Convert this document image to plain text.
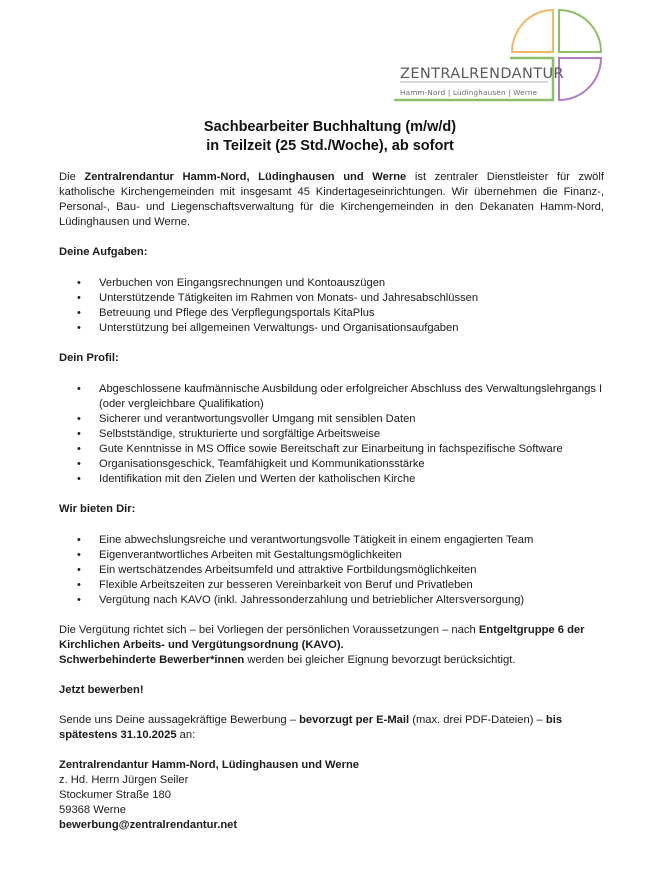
ZENTRALRENDANTUR
Hamm-Nord | Lüdinghausen | Werne
Sachbearbeiter Buchhaltung (m/w/d)
in Teilzeit (25 Std./Woche), ab sofort

Die Zentralrendantur Hamm-Nord, Lüdinghausen und Werne ist zentraler Dienstleister für zwölf katholische Kirchengemeinden mit insgesamt 45 Kindertageseinrichtungen. Wir übernehmen die Finanz-, Personal-, Bau- und Liegenschaftsverwaltung für die Kirchengemeinden in den Dekanaten Hamm-Nord, Lüdinghausen und Werne.

Deine Aufgaben:

• Verbuchen von Eingangsrechnungen und Kontoauszügen
• Unterstützende Tätigkeiten im Rahmen von Monats- und Jahresabschlüssen
• Betreuung und Pflege des Verpflegungsportals KitaPlus
• Unterstützung bei allgemeinen Verwaltungs- und Organisationsaufgaben

Dein Profil:

• Abgeschlossene kaufmännische Ausbildung oder erfolgreicher Abschluss des Verwaltungslehrgangs I (oder vergleichbare Qualifikation)
• Sicherer und verantwortungsvoller Umgang mit sensiblen Daten
• Selbstständige, strukturierte und sorgfältige Arbeitsweise
• Gute Kenntnisse in MS Office sowie Bereitschaft zur Einarbeitung in fachspezifische Software
• Organisationsgeschick, Teamfähigkeit und Kommunikationsstärke
• Identifikation mit den Zielen und Werten der katholischen Kirche

Wir bieten Dir:

• Eine abwechslungsreiche und verantwortungsvolle Tätigkeit in einem engagierten Team
• Eigenverantwortliches Arbeiten mit Gestaltungsmöglichkeiten
• Ein wertschätzendes Arbeitsumfeld und attraktive Fortbildungsmöglichkeiten
• Flexible Arbeitszeiten zur besseren Vereinbarkeit von Beruf und Privatleben
• Vergütung nach KAVO (inkl. Jahressonderzahlung und betrieblicher Altersversorgung)

Die Vergütung richtet sich – bei Vorliegen der persönlichen Voraussetzungen – nach Entgeltgruppe 6 der Kirchlichen Arbeits- und Vergütungsordnung (KAVO).

Schwerbehinderte Bewerber*innen werden bei gleicher Eignung bevorzugt berücksichtigt.

Jetzt bewerben!

Sende uns Deine aussagekräftige Bewerbung – bevorzugt per E-Mail (max. drei PDF-Dateien) – bis spätestens 31.10.2025 an:

Zentralrendantur Hamm-Nord, Lüdinghausen und Werne

z. Hd. Herrn Jürgen Seiler

Stockumer Straße 180

59368 Werne

bewerbung@zentralrendantur.net
